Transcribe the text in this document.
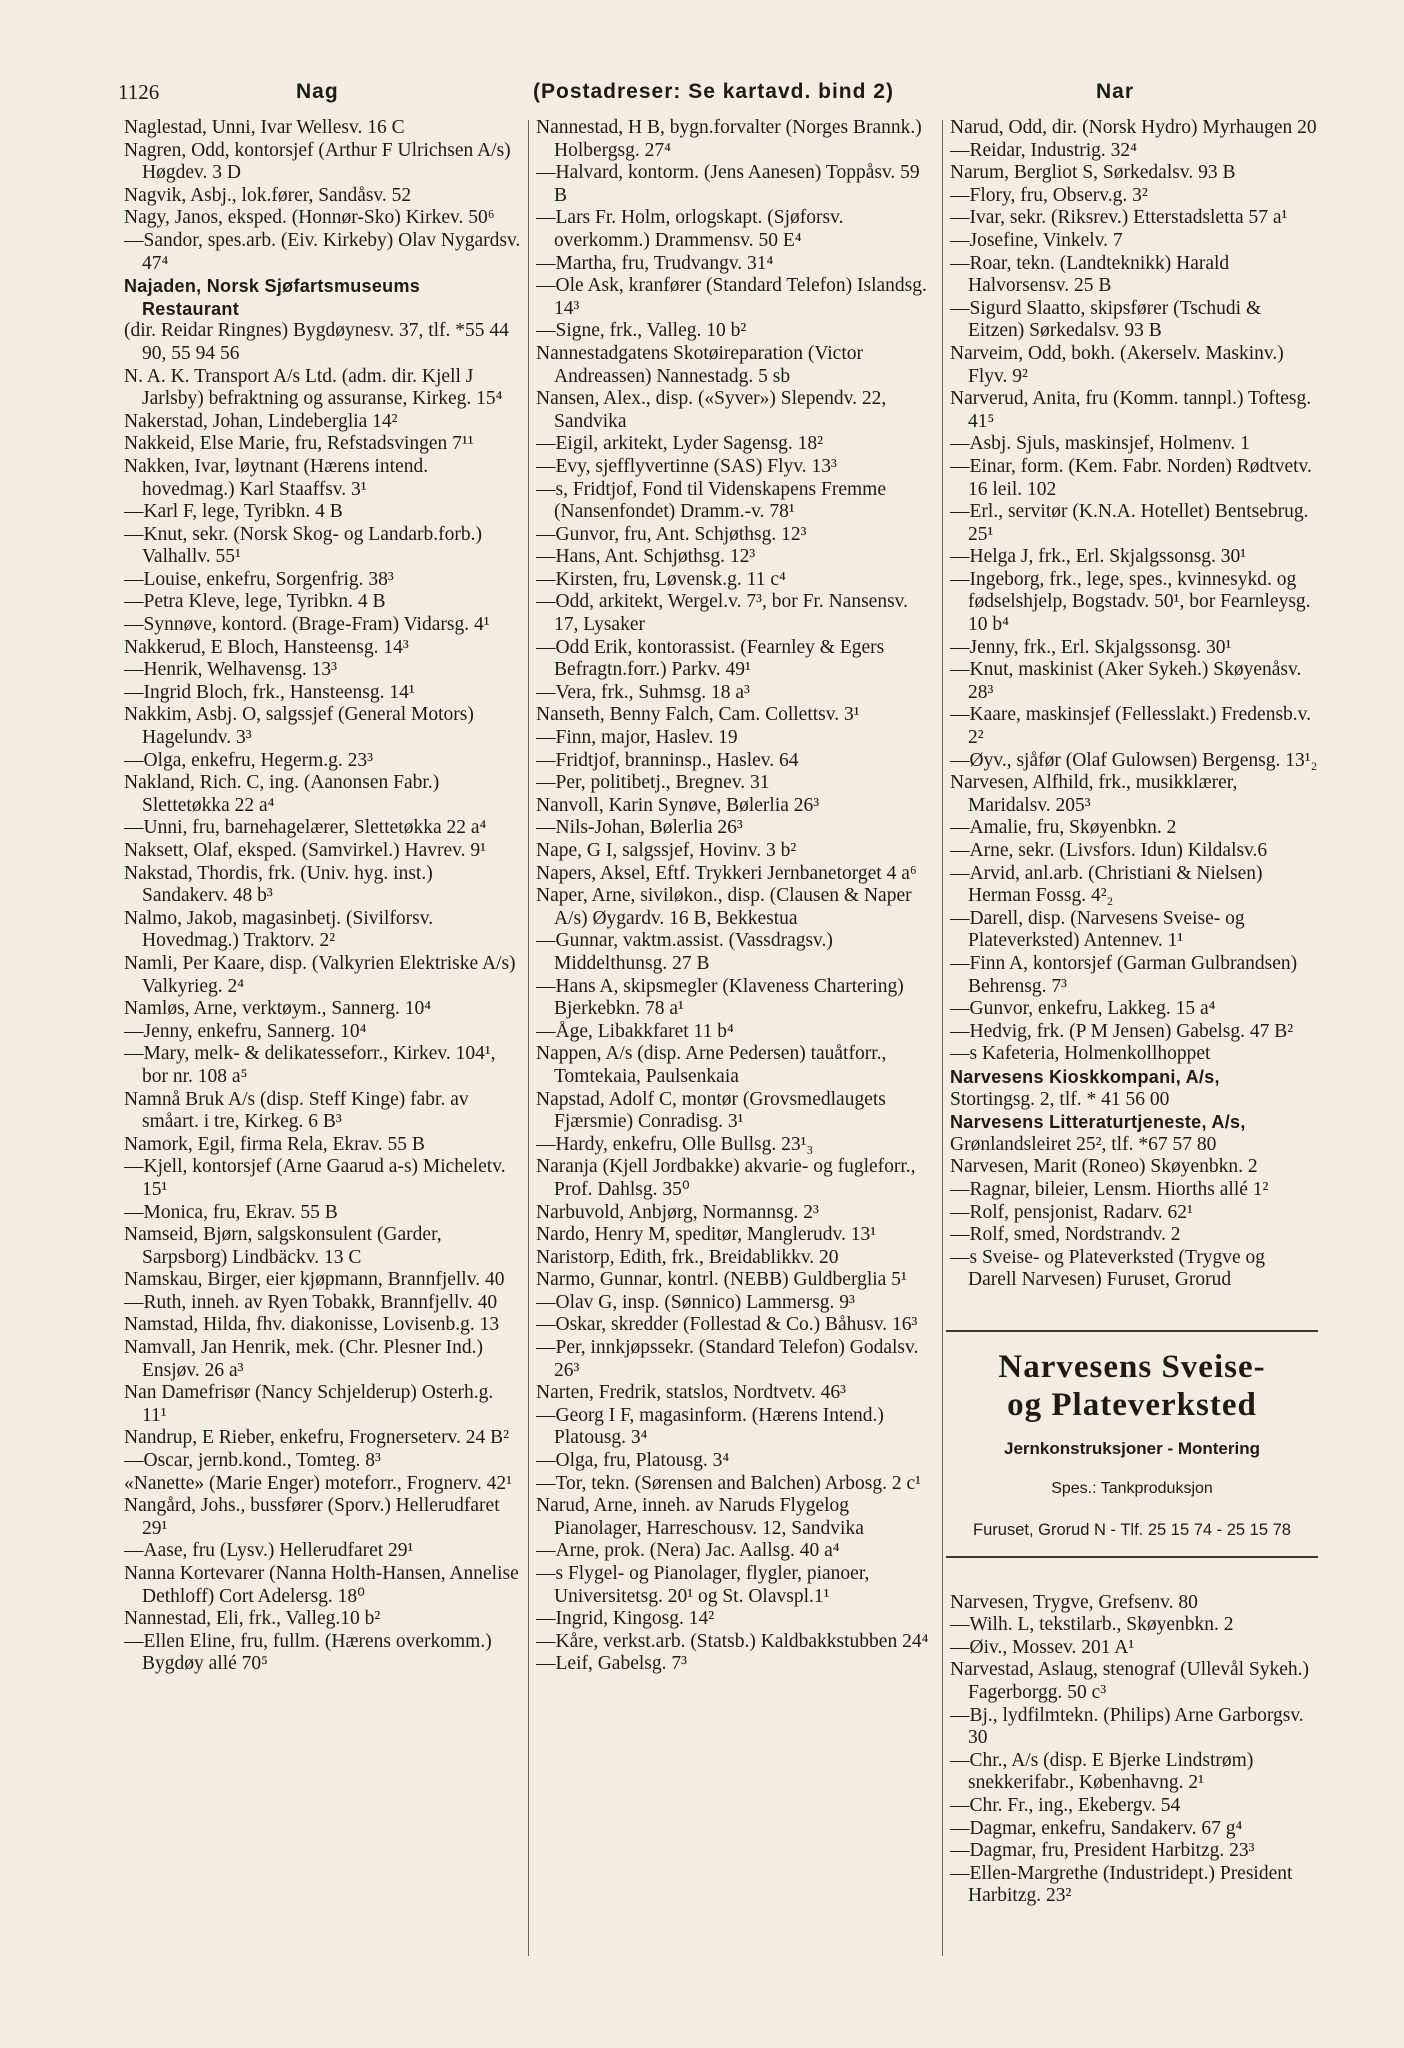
1126	Nag	(Postadreser: Se kartavd. bind 2)	Nar
Naglestad, Unni, Ivar Wellesv. 16 C
Nagren, Odd, kontorsjef (Arthur F Ulrichsen A/s) Høgdev. 3 D
Nagvik, Asbj., lok.fører, Sandåsv. 52
Nagy, Janos, eksped. (Honnør-Sko) Kirkev. 50⁶
—Sandor, spes.arb. (Eiv. Kirkeby) Olav Nygardsv. 47⁴
Najaden, Norsk Sjøfartsmuseums Restaurant
(dir. Reidar Ringnes) Bygdøynesv. 37, tlf. *55 44 90, 55 94 56
N. A. K. Transport A/s Ltd. (adm. dir. Kjell J Jarlsby) befraktning og assuranse, Kirkeg. 15⁴
Nakerstad, Johan, Lindeberglia 14²
Nakkeid, Else Marie, fru, Refstadsvingen 7¹¹
Nakken, Ivar, løytnant (Hærens intend. hovedmag.) Karl Staaffsv. 3¹
—Karl F, lege, Tyribkn. 4 B
—Knut, sekr. (Norsk Skog- og Landarb.forb.) Valhallv. 55¹
—Louise, enkefru, Sorgenfrig. 38³
—Petra Kleve, lege, Tyribkn. 4 B
—Synnøve, kontord. (Brage-Fram) Vidarsg. 4¹
Nakkerud, E Bloch, Hansteensg. 14³
—Henrik, Welhavensg. 13³
—Ingrid Bloch, frk., Hansteensg. 14¹
Nakkim, Asbj. O, salgssjef (General Motors) Hagelundv. 3³
—Olga, enkefru, Hegerm.g. 23³
Nakland, Rich. C, ing. (Aanonsen Fabr.) Slettetøkka 22 a⁴
—Unni, fru, barnehagelærer, Slettetøkka 22 a⁴
Naksett, Olaf, eksped. (Samvirkel.) Havrev. 9¹
Nakstad, Thordis, frk. (Univ. hyg. inst.) Sandakerv. 48 b³
Nalmo, Jakob, magasinbetj. (Sivilforsv. Hovedmag.) Traktorv. 2²
Namli, Per Kaare, disp. (Valkyrien Elektriske A/s) Valkyrieg. 2⁴
Namløs, Arne, verktøym., Sannerg. 10⁴
—Jenny, enkefru, Sannerg. 10⁴
—Mary, melk- & delikatesseforr., Kirkev. 104¹, bor nr. 108 a⁵
Namnå Bruk A/s (disp. Steff Kinge) fabr. av småart. i tre, Kirkeg. 6 B³
Namork, Egil, firma Rela, Ekrav. 55 B
—Kjell, kontorsjef (Arne Gaarud a-s) Micheletv. 15¹
—Monica, fru, Ekrav. 55 B
Namseid, Bjørn, salgskonsulent (Garder, Sarpsborg) Lindbäckv. 13 C
Namskau, Birger, eier kjøpmann, Brannfjellv. 40
—Ruth, inneh. av Ryen Tobakk, Brannfjellv. 40
Namstad, Hilda, fhv. diakonisse, Lovisenb.g. 13
Namvall, Jan Henrik, mek. (Chr. Plesner Ind.) Ensjøv. 26 a³
Nan Damefrisør (Nancy Schjelderup) Osterh.g. 11¹
Nandrup, E Rieber, enkefru, Frognerseterv. 24 B²
—Oscar, jernb.kond., Tomteg. 8³
«Nanette» (Marie Enger) moteforr., Frognerv. 42¹
Nangård, Johs., bussfører (Sporv.) Hellerudfaret 29¹
—Aase, fru (Lysv.) Hellerudfaret 29¹
Nanna Kortevarer (Nanna Holth-Hansen, Annelise Dethloff) Cort Adelersg. 18⁰
Nannestad, Eli, frk., Valleg.10 b²
—Ellen Eline, fru, fullm. (Hærens overkomm.) Bygdøy allé 70⁵
Nannestad, H B, bygn.forvalter (Norges Brannk.) Holbergsg. 27⁴
—Halvard, kontorm. (Jens Aanesen) Toppåsv. 59 B
—Lars Fr. Holm, orlogskapt. (Sjøforsv. overkomm.) Drammensv. 50 E⁴
—Martha, fru, Trudvangv. 31⁴
—Ole Ask, kranfører (Standard Telefon) Islandsg. 14³
—Signe, frk., Valleg. 10 b²
Nannestadgatens Skotøireparation (Victor Andreassen) Nannestadg. 5 sb
Nansen, Alex., disp. («Syver») Slependv. 22, Sandvika
—Eigil, arkitekt, Lyder Sagensg. 18²
—Evy, sjefflyvertinne (SAS) Flyv. 13³
—s, Fridtjof, Fond til Videnskapens Fremme (Nansenfondet) Dramm.-v. 78¹
—Gunvor, fru, Ant. Schjøthsg. 12³
—Hans, Ant. Schjøthsg. 12³
—Kirsten, fru, Løvensk.g. 11 c⁴
—Odd, arkitekt, Wergel.v. 7³, bor Fr. Nansensv. 17, Lysaker
—Odd Erik, kontorassist. (Fearnley & Egers Befragtn.forr.) Parkv. 49¹
—Vera, frk., Suhmsg. 18 a³
Nanseth, Benny Falch, Cam. Collettsv. 3¹
—Finn, major, Haslev. 19
—Fridtjof, branninsp., Haslev. 64
—Per, politibetj., Bregnev. 31
Nanvoll, Karin Synøve, Bølerlia 26³
—Nils-Johan, Bølerlia 26³
Nape, G I, salgssjef, Hovinv. 3 b²
Napers, Aksel, Eftf. Trykkeri Jernbanetorget 4 a⁶
Naper, Arne, siviløkon., disp. (Clausen & Naper A/s) Øygardv. 16 B, Bekkestua
—Gunnar, vaktm.assist. (Vassdragsv.) Middelthunsg. 27 B
—Hans A, skipsmegler (Klaveness Chartering) Bjerkebkn. 78 a¹
—Åge, Libakkfaret 11 b⁴
Nappen, A/s (disp. Arne Pedersen) tauåtforr., Tomtekaia, Paulsenkaia
Napstad, Adolf C, montør (Grovsmedlaugets Fjærsmie) Conradisg. 3¹
—Hardy, enkefru, Olle Bullsg. 23¹₃
Naranja (Kjell Jordbakke) akvarie- og fugleforr., Prof. Dahlsg. 35⁰
Narbuvold, Anbjørg, Normannsg. 2³
Nardo, Henry M, speditør, Manglerudv. 13¹
Naristorp, Edith, frk., Breidablikkv. 20
Narmo, Gunnar, kontrl. (NEBB) Guldberglia 5¹
—Olav G, insp. (Sønnico) Lammersg. 9³
—Oskar, skredder (Follestad & Co.) Båhusv. 16³
—Per, innkjøpssekr. (Standard Telefon) Godalsv. 26³
Narten, Fredrik, statslos, Nordtvetv. 46³
—Georg I F, magasinform. (Hærens Intend.) Platousg. 3⁴
—Olga, fru, Platousg. 3⁴
—Tor, tekn. (Sørensen and Balchen) Arbosg. 2 c¹
Narud, Arne, inneh. av Naruds Flygelog Pianolager, Harreschousv. 12, Sandvika
—Arne, prok. (Nera) Jac. Aallsg. 40 a⁴
—s Flygel- og Pianolager, flygler, pianoer, Universitetsg. 20¹ og St. Olavspl.1¹
—Ingrid, Kingosg. 14²
—Kåre, verkst.arb. (Statsb.) Kaldbakkstubben 24⁴
—Leif, Gabelsg. 7³
Narud, Odd, dir. (Norsk Hydro) Myrhaugen 20
—Reidar, Industrig. 32⁴
Narum, Bergliot S, Sørkedalsv. 93 B
—Flory, fru, Observ.g. 3²
—Ivar, sekr. (Riksrev.) Etterstadsletta 57 a¹
—Josefine, Vinkelv. 7
—Roar, tekn. (Landteknikk) Harald Halvorsensv. 25 B
—Sigurd Slaatto, skipsfører (Tschudi & Eitzen) Sørkedalsv. 93 B
Narveim, Odd, bokh. (Akerselv. Maskinv.) Flyv. 9²
Narverud, Anita, fru (Komm. tannpl.) Toftesg. 41⁵
—Asbj. Sjuls, maskinsjef, Holmenv. 1
—Einar, form. (Kem. Fabr. Norden) Rødtvetv. 16 leil. 102
—Erl., servitør (K.N.A. Hotellet) Bentsebrug. 25¹
—Helga J, frk., Erl. Skjalgssonsg. 30¹
—Ingeborg, frk., lege, spes., kvinnesykd. og fødselshjelp, Bogstadv. 50¹, bor Fearnleysg. 10 b⁴
—Jenny, frk., Erl. Skjalgssonsg. 30¹
—Knut, maskinist (Aker Sykeh.) Skøyenåsv. 28³
—Kaare, maskinsjef (Fellesslakt.) Fredensb.v. 2²
—Øyv., sjåfør (Olaf Gulowsen) Bergensg. 13¹₂
Narvesen, Alfhild, frk., musikklærer, Maridalsv. 205³
—Amalie, fru, Skøyenbkn. 2
—Arne, sekr. (Livsfors. Idun) Kildalsv.6
—Arvid, anl.arb. (Christiani & Nielsen) Herman Fossg. 4²₂
—Darell, disp. (Narvesens Sveise- og Plateverksted) Antennev. 1¹
—Finn A, kontorsjef (Garman Gulbrandsen) Behrensg. 7³
—Gunvor, enkefru, Lakkeg. 15 a⁴
—Hedvig, frk. (P M Jensen) Gabelsg. 47 B²
—s Kafeteria, Holmenkollhoppet
Narvesens Kioskkompani, A/s,
Stortingsg. 2, tlf. * 41 56 00
Narvesens Litteraturtjeneste, A/s,
Grønlandsleiret 25², tlf. *67 57 80
Narvesen, Marit (Roneo) Skøyenbkn. 2
—Ragnar, bileier, Lensm. Hiorths allé 1²
—Rolf, pensjonist, Radarv. 62¹
—Rolf, smed, Nordstrandv. 2
—s Sveise- og Plateverksted (Trygve og Darell Narvesen) Furuset, Grorud
Narvesens Sveise-
og Plateverksted
Jernkonstruksjoner - Montering
Spes.: Tankproduksjon
Furuset, Grorud N - Tlf. 25 15 74 - 25 15 78
Narvesen, Trygve, Grefsenv. 80
—Wilh. L, tekstilarb., Skøyenbkn. 2
—Øiv., Mossev. 201 A¹
Narvestad, Aslaug, stenograf (Ullevål Sykeh.) Fagerborgg. 50 c³
—Bj., lydfilmtekn. (Philips) Arne Garborgsv. 30
—Chr., A/s (disp. E Bjerke Lindstrøm) snekkerifabr., Københavng. 2¹
—Chr. Fr., ing., Ekebergv. 54
—Dagmar, enkefru, Sandakerv. 67 g⁴
—Dagmar, fru, President Harbitzg. 23³
—Ellen-Margrethe (Industridept.) President Harbitzg. 23²
